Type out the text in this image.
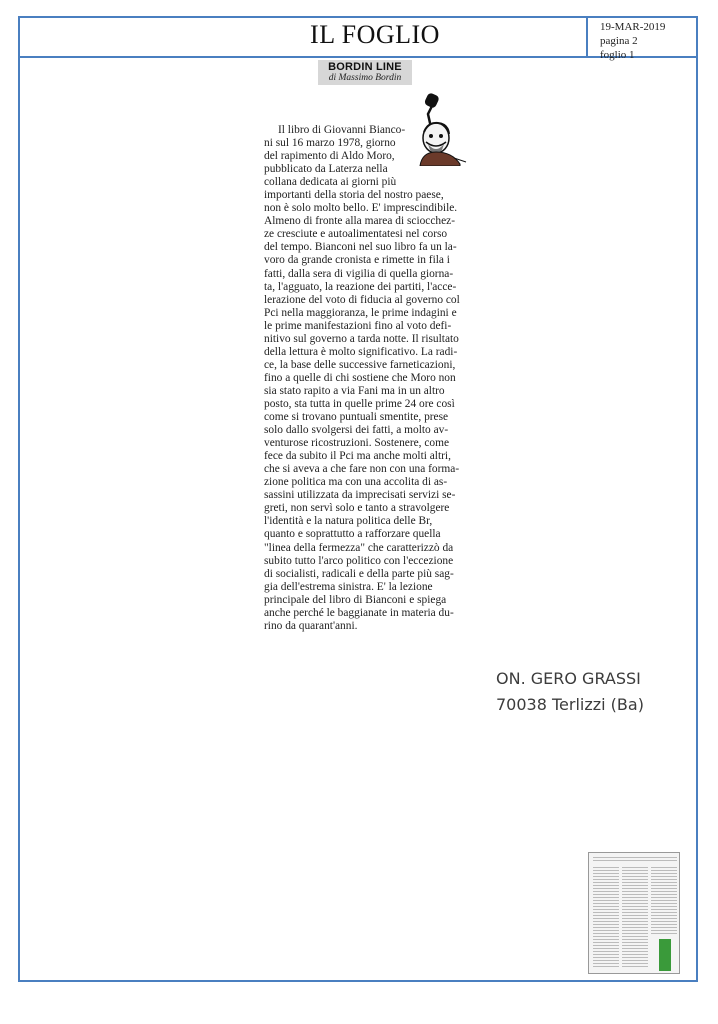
IL FOGLIO	19-MAR-2019
pagina 2
foglio 1
BORDIN LINE
di Massimo Bordin
Il libro di Giovanni Bianco-
ni sul 16 marzo 1978, giorno
del rapimento di Aldo Moro,
pubblicato da Laterza nella
collana dedicata ai giorni più
importanti della storia del nostro paese,
non è solo molto bello. E' imprescindibile.
Almeno di fronte alla marea di sciocchez-
ze cresciute e autoalimentatesi nel corso
del tempo. Bianconi nel suo libro fa un la-
voro da grande cronista e rimette in fila i
fatti, dalla sera di vigilia di quella giorna-
ta, l'agguato, la reazione dei partiti, l'acce-
lerazione del voto di fiducia al governo col
Pci nella maggioranza, le prime indagini e
le prime manifestazioni fino al voto defi-
nitivo sul governo a tarda notte. Il risultato
della lettura è molto significativo. La radi-
ce, la base delle successive farneticazioni,
fino a quelle di chi sostiene che Moro non
sia stato rapito a via Fani ma in un altro
posto, sta tutta in quelle prime 24 ore così
come si trovano puntuali smentite, prese
solo dallo svolgersi dei fatti, a molto av-
venturose ricostruzioni. Sostenere, come
fece da subito il Pci ma anche molti altri,
che si aveva a che fare non con una forma-
zione politica ma con una accolita di as-
sassini utilizzata da imprecisati servizi se-
greti, non servì solo e tanto a stravolgere
l'identità e la natura politica delle Br,
quanto e soprattutto a rafforzare quella
"linea della fermezza" che caratterizzò da
subito tutto l'arco politico con l'eccezione
di socialisti, radicali e della parte più sag-
gia dell'estrema sinistra. E' la lezione
principale del libro di Bianconi e spiega
anche perché le baggianate in materia du-
rino da quarant'anni.
ON. GERO GRASSI
70038 Terlizzi (Ba)
